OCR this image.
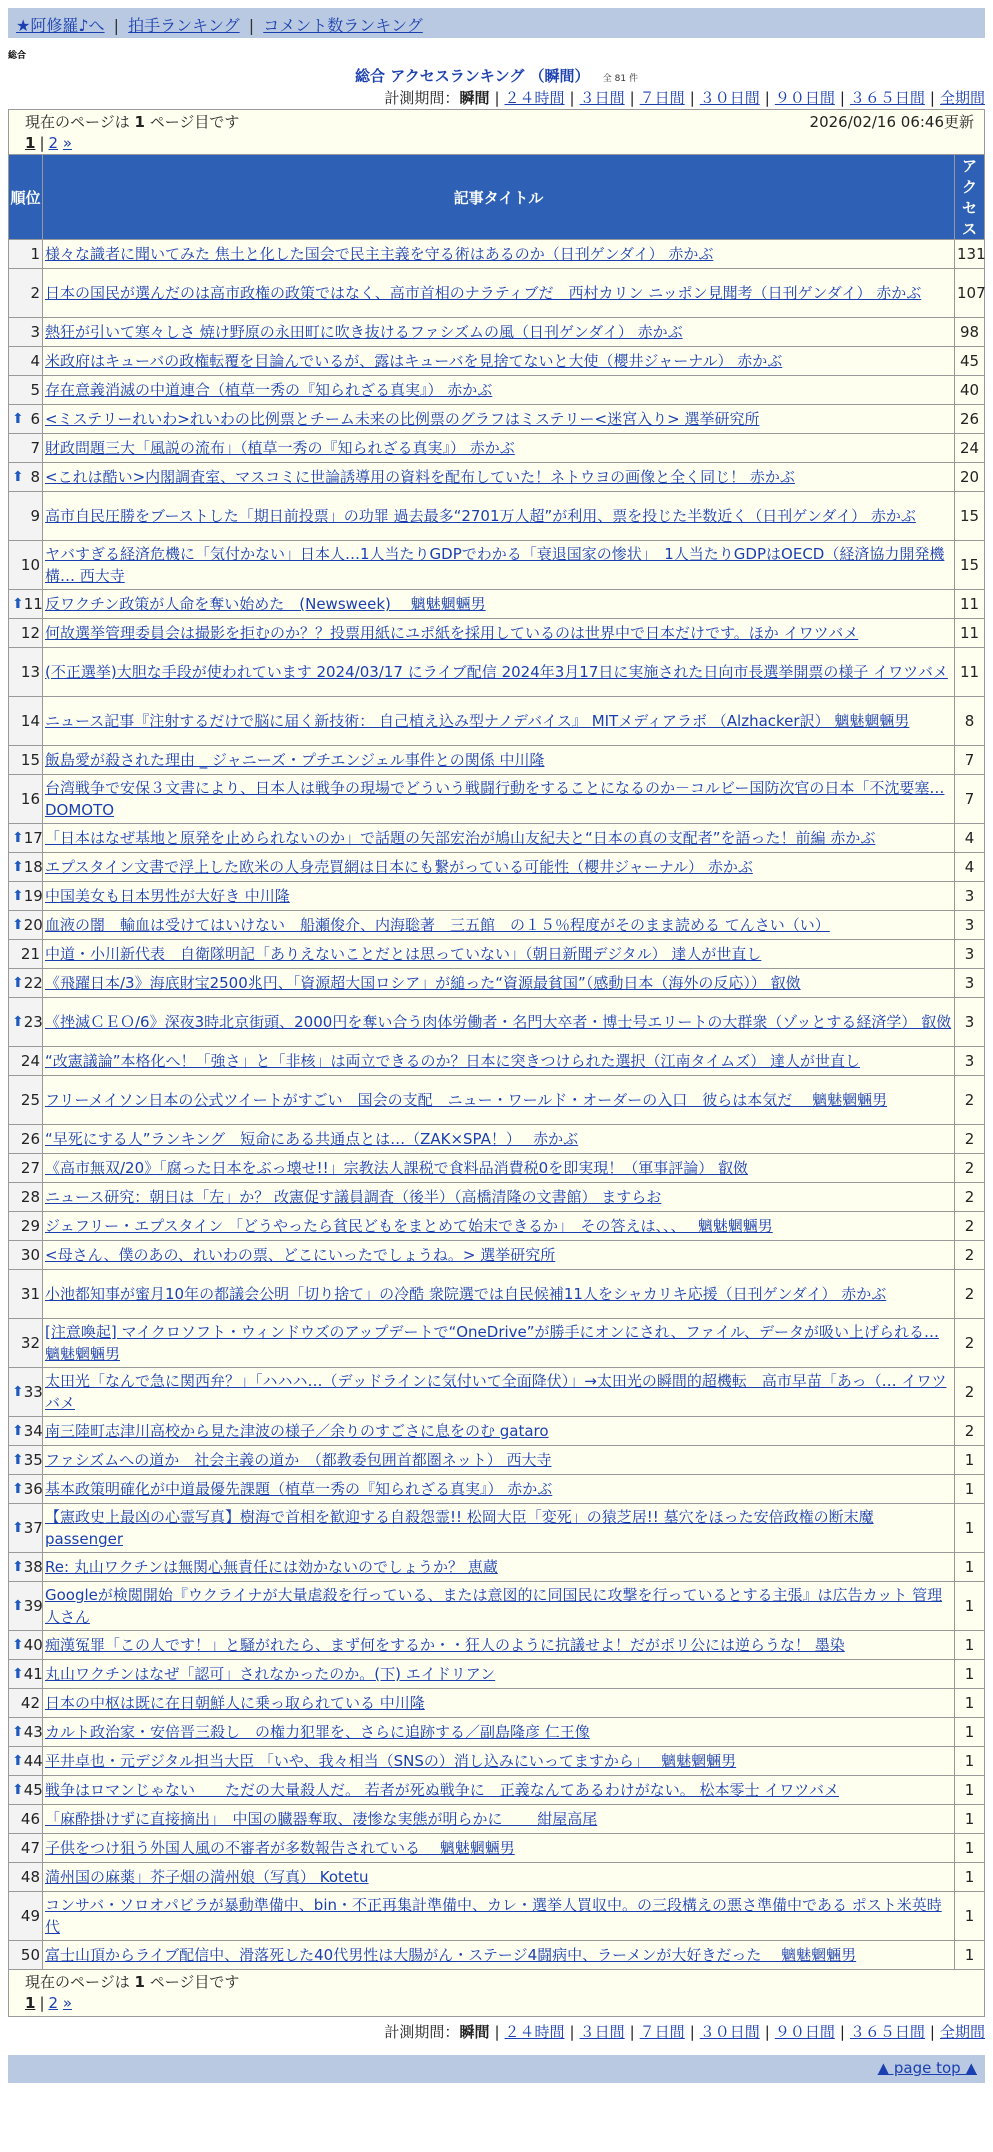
★阿修羅♪へ | 拍手ランキング | コメント数ランキング
総合
総合 アクセスランキング （瞬間） 全 81 件
計測期間：瞬間 | ２４時間 | ３日間 | ７日間 | ３０日間 | ９０日間 | ３６５日間 | 全期間
現在のページは 1 ページ目です	2026/02/16 06:46更新
1 | 2 »
順位	記事タイトル	アクセス
1	様々な識者に聞いてみた 焦土と化した国会で民主主義を守る術はあるのか（日刊ゲンダイ） 赤かぶ	131
2	日本の国民が選んだのは高市政権の政策ではなく、高市首相のナラティブだ　西村カリン ニッポン見聞考（日刊ゲンダイ） 赤かぶ	107
3	熱狂が引いて寒々しさ 焼け野原の永田町に吹き抜けるファシズムの風（日刊ゲンダイ） 赤かぶ	98
4	米政府はキューバの政権転覆を目論んでいるが、露はキューバを見捨てないと大使（櫻井ジャーナル） 赤かぶ	45
5	存在意義消滅の中道連合（植草一秀の『知られざる真実』） 赤かぶ	40

⬆ 6	<ミステリーれいわ>れいわの比例票とチーム未来の比例票のグラフはミステリー<迷宮入り> 選挙研究所	26
7	財政問題三大「風説の流布」（植草一秀の『知られざる真実』） 赤かぶ	24

⬆ 8	<これは酷い>内閣調査室、マスコミに世論誘導用の資料を配布していた！ネトウヨの画像と全く同じ！ 赤かぶ	20
9	高市自民圧勝をブーストした「期日前投票」の功罪 過去最多“2701万人超”が利用、票を投じた半数近く（日刊ゲンダイ） 赤かぶ	15
10	ヤバすぎる経済危機に「気付かない」日本人…1人当たりGDPでわかる「衰退国家の惨状」　1人当たりGDPはOECD（経済協力開発機構… 西大寺	15

⬆ 11	反ワクチン政策が人命を奪い始めた　(Newsweek)　 魑魅魍魎男	11
12	何故選挙管理委員会は撮影を拒むのか？？投票用紙にユポ紙を採用しているのは世界中で日本だけです。ほか イワツバメ	11
13	(不正選挙)大胆な手段が使われています 2024/03/17 にライブ配信 2024年3月17日に実施された日向市長選挙開票の様子 イワツバメ	11
14	ニュース記事『注射するだけで脳に届く新技術： 自己植え込み型ナノデバイス』 MITメディアラボ （Alzhacker訳） 魑魅魍魎男	8
15	飯島愛が殺された理由 _ ジャニーズ・プチエンジェル事件との関係 中川隆	7
16	台湾戦争で安保３文書により、日本人は戦争の現場でどういう戦闘行動をすることになるのか－コルビー国防次官の日本「不沈要塞… DOMOTO	7

⬆ 17	「日本はなぜ基地と原発を止められないのか」で話題の矢部宏治が鳩山友紀夫と“日本の真の支配者”を語った！前編 赤かぶ	4

⬆ 18	エプスタイン文書で浮上した欧米の人身売買網は日本にも繋がっている可能性（櫻井ジャーナル） 赤かぶ	4

⬆ 19	中国美女も日本男性が大好き 中川隆	3

⬆ 20	血液の闇　輸血は受けてはいけない　船瀬俊介、内海聡著　三五館　の１５％程度がそのまま読める てんさい（い）	3
21	中道・小川新代表　自衛隊明記「ありえないことだとは思っていない」（朝日新聞デジタル） 達人が世直し	3

⬆ 22	《飛躍日本/3》海底財宝2500兆円、「資源超大国ロシア」が縋った“資源最貧国”（感動日本（海外の反応）） 叡傚	3

⬆ 23	《挫滅ＣＥＯ/6》深夜3時北京街頭、2000円を奪い合う肉体労働者・名門大卒者・博士号エリートの大群衆（ゾッとする経済学） 叡傚	3
24	“改憲議論”本格化へ！「強さ」と「非核」は両立できるのか？日本に突きつけられた選択（江南タイムズ） 達人が世直し	3
25	フリーメイソン日本の公式ツイートがすごい　国会の支配　ニュー・ワールド・オーダーの入口　彼らは本気だ　 魑魅魍魎男	2
26	“早死にする人”ランキング　短命にある共通点とは…（ZAK×SPA！）　 赤かぶ	2
27	《高市無双/20》「腐った日本をぶっ壊せ!!」宗教法人課税で食料品消費税0を即実現！（軍事評論） 叡傚	2
28	ニュース研究：朝日は「左」か？ 改憲促す議員調査（後半）（高橋清隆の文書館） ますらお	2
29	ジェフリー・エプスタイン 「どうやったら貧民どもをまとめて始末できるか」　その答えは、、、　 魑魅魍魎男	2
30	<母さん、僕のあの、れいわの票、どこにいったでしょうね。> 選挙研究所	2
31	小池都知事が蜜月10年の都議会公明「切り捨て」の冷酷 衆院選では自民候補11人をシャカリキ応援（日刊ゲンダイ） 赤かぶ	2
32	[注意喚起] マイクロソフト・ウィンドウズのアップデートで“OneDrive”が勝手にオンにされ、ファイル、データが吸い上げられる… 魑魅魍魎男	2

⬆ 33	太田光「なんで急に関西弁？」「ハハハ…（デッドラインに気付いて全面降伏）」→太田光の瞬間的超機転　高市早苗「あっ（… イワツバメ	2

⬆ 34	南三陸町志津川高校から見た津波の様子／余りのすごさに息をのむ gataro	2

⬆ 35	ファシズムへの道か　社会主義の道か　（都教委包囲首都圏ネット） 西大寺	1

⬆ 36	基本政策明確化が中道最優先課題（植草一秀の『知られざる真実』） 赤かぶ	1

⬆ 37	【憲政史上最凶の心霊写真】樹海で首相を歓迎する自殺怨霊!! 松岡大臣「変死」の猿芝居!! 墓穴をほった安倍政権の断末魔 passenger	1

⬆ 38	Re: 丸山ワクチンは無関心無責任には効かないのでしょうか？ 恵蔵	1

⬆ 39	Googleが検閲開始『ウクライナが大量虐殺を行っている、または意図的に同国民に攻撃を行っているとする主張』は広告カット 管理人さん	1

⬆ 40	痴漢冤罪「この人です！」と騒がれたら、まず何をするか・・狂人のように抗議せよ！だがポリ公には逆らうな！ 墨染	1

⬆ 41	丸山ワクチンはなぜ「認可」されなかったのか。(下) エイドリアン	1
42	日本の中枢は既に在日朝鮮人に乗っ取られている 中川隆	1

⬆ 43	カルト政治家・安倍晋三殺し　の権力犯罪を、さらに追跡する／副島隆彦 仁王像	1

⬆ 44	平井卓也・元デジタル担当大臣 「いや、我々相当（SNSの）消し込みにいってますから」　 魑魅魍魎男	1

⬆ 45	戦争はロマンじゃない　　ただの大量殺人だ。 若者が死ぬ戦争に　正義なんてあるわけがない。 松本零士 イワツバメ	1
46	「麻酔掛けずに直接摘出」　中国の臓器奪取、凄惨な実態が明らかに　　 紺屋高尾	1
47	子供をつけ狙う外国人風の不審者が多数報告されている　 魑魅魍魎男	1
48	満州国の麻薬」芥子畑の満州娘（写真） Kotetu	1
49	コンサバ・ソロオパビラが暴動準備中、bin・不正再集計準備中、カレ・選挙人買収中。の三段構えの悪さ準備中である ポスト米英時代	1
50	富士山頂からライブ配信中、滑落死した40代男性は大腸がん・ステージ4闘病中、ラーメンが大好きだった　 魑魅魍魎男	1
現在のページは 1 ページ目です
1 | 2 »
計測期間：瞬間 | ２４時間 | ３日間 | ７日間 | ３０日間 | ９０日間 | ３６５日間 | 全期間
▲ page top ▲
